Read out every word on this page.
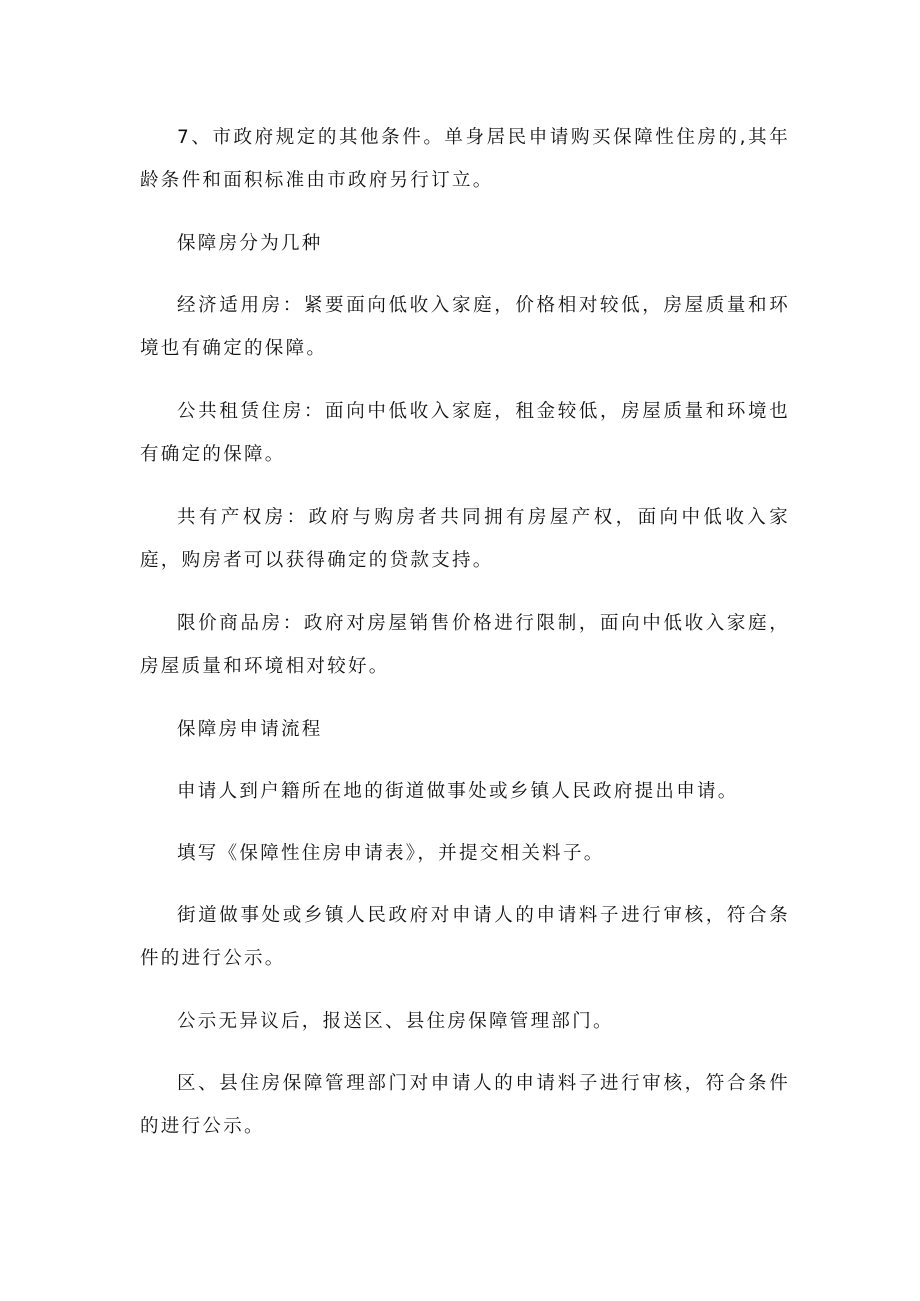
7、市政府规定的其他条件。单身居民申请购买保障性住房的,其年龄条件和面积标准由市政府另行订立。

保障房分为几种

经济适用房：紧要面向低收入家庭，价格相对较低，房屋质量和环境也有确定的保障。

公共租赁住房：面向中低收入家庭，租金较低，房屋质量和环境也有确定的保障。

共有产权房：政府与购房者共同拥有房屋产权，面向中低收入家庭，购房者可以获得确定的贷款支持。

限价商品房：政府对房屋销售价格进行限制，面向中低收入家庭，房屋质量和环境相对较好。

保障房申请流程

申请人到户籍所在地的街道做事处或乡镇人民政府提出申请。

填写《保障性住房申请表》，并提交相关料子。

街道做事处或乡镇人民政府对申请人的申请料子进行审核，符合条件的进行公示。

公示无异议后，报送区、县住房保障管理部门。

区、县住房保障管理部门对申请人的申请料子进行审核，符合条件的进行公示。
